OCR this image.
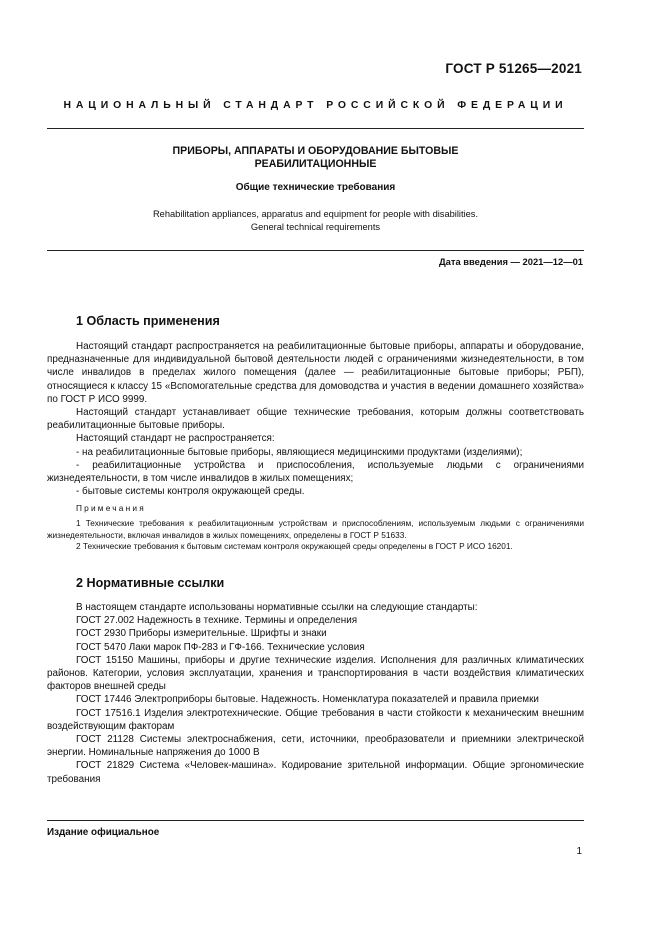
ГОСТ Р 51265—2021
НАЦИОНАЛЬНЫЙ СТАНДАРТ РОССИЙСКОЙ ФЕДЕРАЦИИ
ПРИБОРЫ, АППАРАТЫ И ОБОРУДОВАНИЕ БЫТОВЫЕ
РЕАБИЛИТАЦИОННЫЕ
Общие технические требования
Rehabilitation appliances, apparatus and equipment for people with disabilities.
General technical requirements
Дата введения — 2021—12—01
1 Область применения

Настоящий стандарт распространяется на реабилитационные бытовые приборы, аппараты и оборудование, предназначенные для индивидуальной бытовой деятельности людей с ограничениями жизнедеятельности, в том числе инвалидов в пределах жилого помещения (далее — реабилитационные бытовые приборы; РБП), относящиеся к классу 15 «Вспомогательные средства для домоводства и участия в ведении домашнего хозяйства» по ГОСТ Р ИСО 9999.

Настоящий стандарт устанавливает общие технические требования, которым должны соответствовать реабилитационные бытовые приборы.

Настоящий стандарт не распространяется:

- на реабилитационные бытовые приборы, являющиеся медицинскими продуктами (изделиями);

- реабилитационные устройства и приспособления, используемые людьми с ограничениями жизнедеятельности, в том числе инвалидов в жилых помещениях;

- бытовые системы контроля окружающей среды.

Примечания

1 Технические требования к реабилитационным устройствам и приспособлениям, используемым людьми с ограничениями жизнедеятельности, включая инвалидов в жилых помещениях, определены в ГОСТ Р 51633.

2 Технические требования к бытовым системам контроля окружающей среды определены в ГОСТ Р ИСО 16201.

2 Нормативные ссылки

В настоящем стандарте использованы нормативные ссылки на следующие стандарты:

ГОСТ 27.002 Надежность в технике. Термины и определения

ГОСТ 2930 Приборы измерительные. Шрифты и знаки

ГОСТ 5470 Лаки марок ПФ-283 и ГФ-166. Технические условия

ГОСТ 15150 Машины, приборы и другие технические изделия. Исполнения для различных климатических районов. Категории, условия эксплуатации, хранения и транспортирования в части воздействия климатических факторов внешней среды

ГОСТ 17446 Электроприборы бытовые. Надежность. Номенклатура показателей и правила приемки

ГОСТ 17516.1 Изделия электротехнические. Общие требования в части стойкости к механическим внешним воздействующим факторам

ГОСТ 21128 Системы электроснабжения, сети, источники, преобразователи и приемники электрической энергии. Номинальные напряжения до 1000 В

ГОСТ 21829 Система «Человек-машина». Кодирование зрительной информации. Общие эргономические требования

Издание официальное
1
